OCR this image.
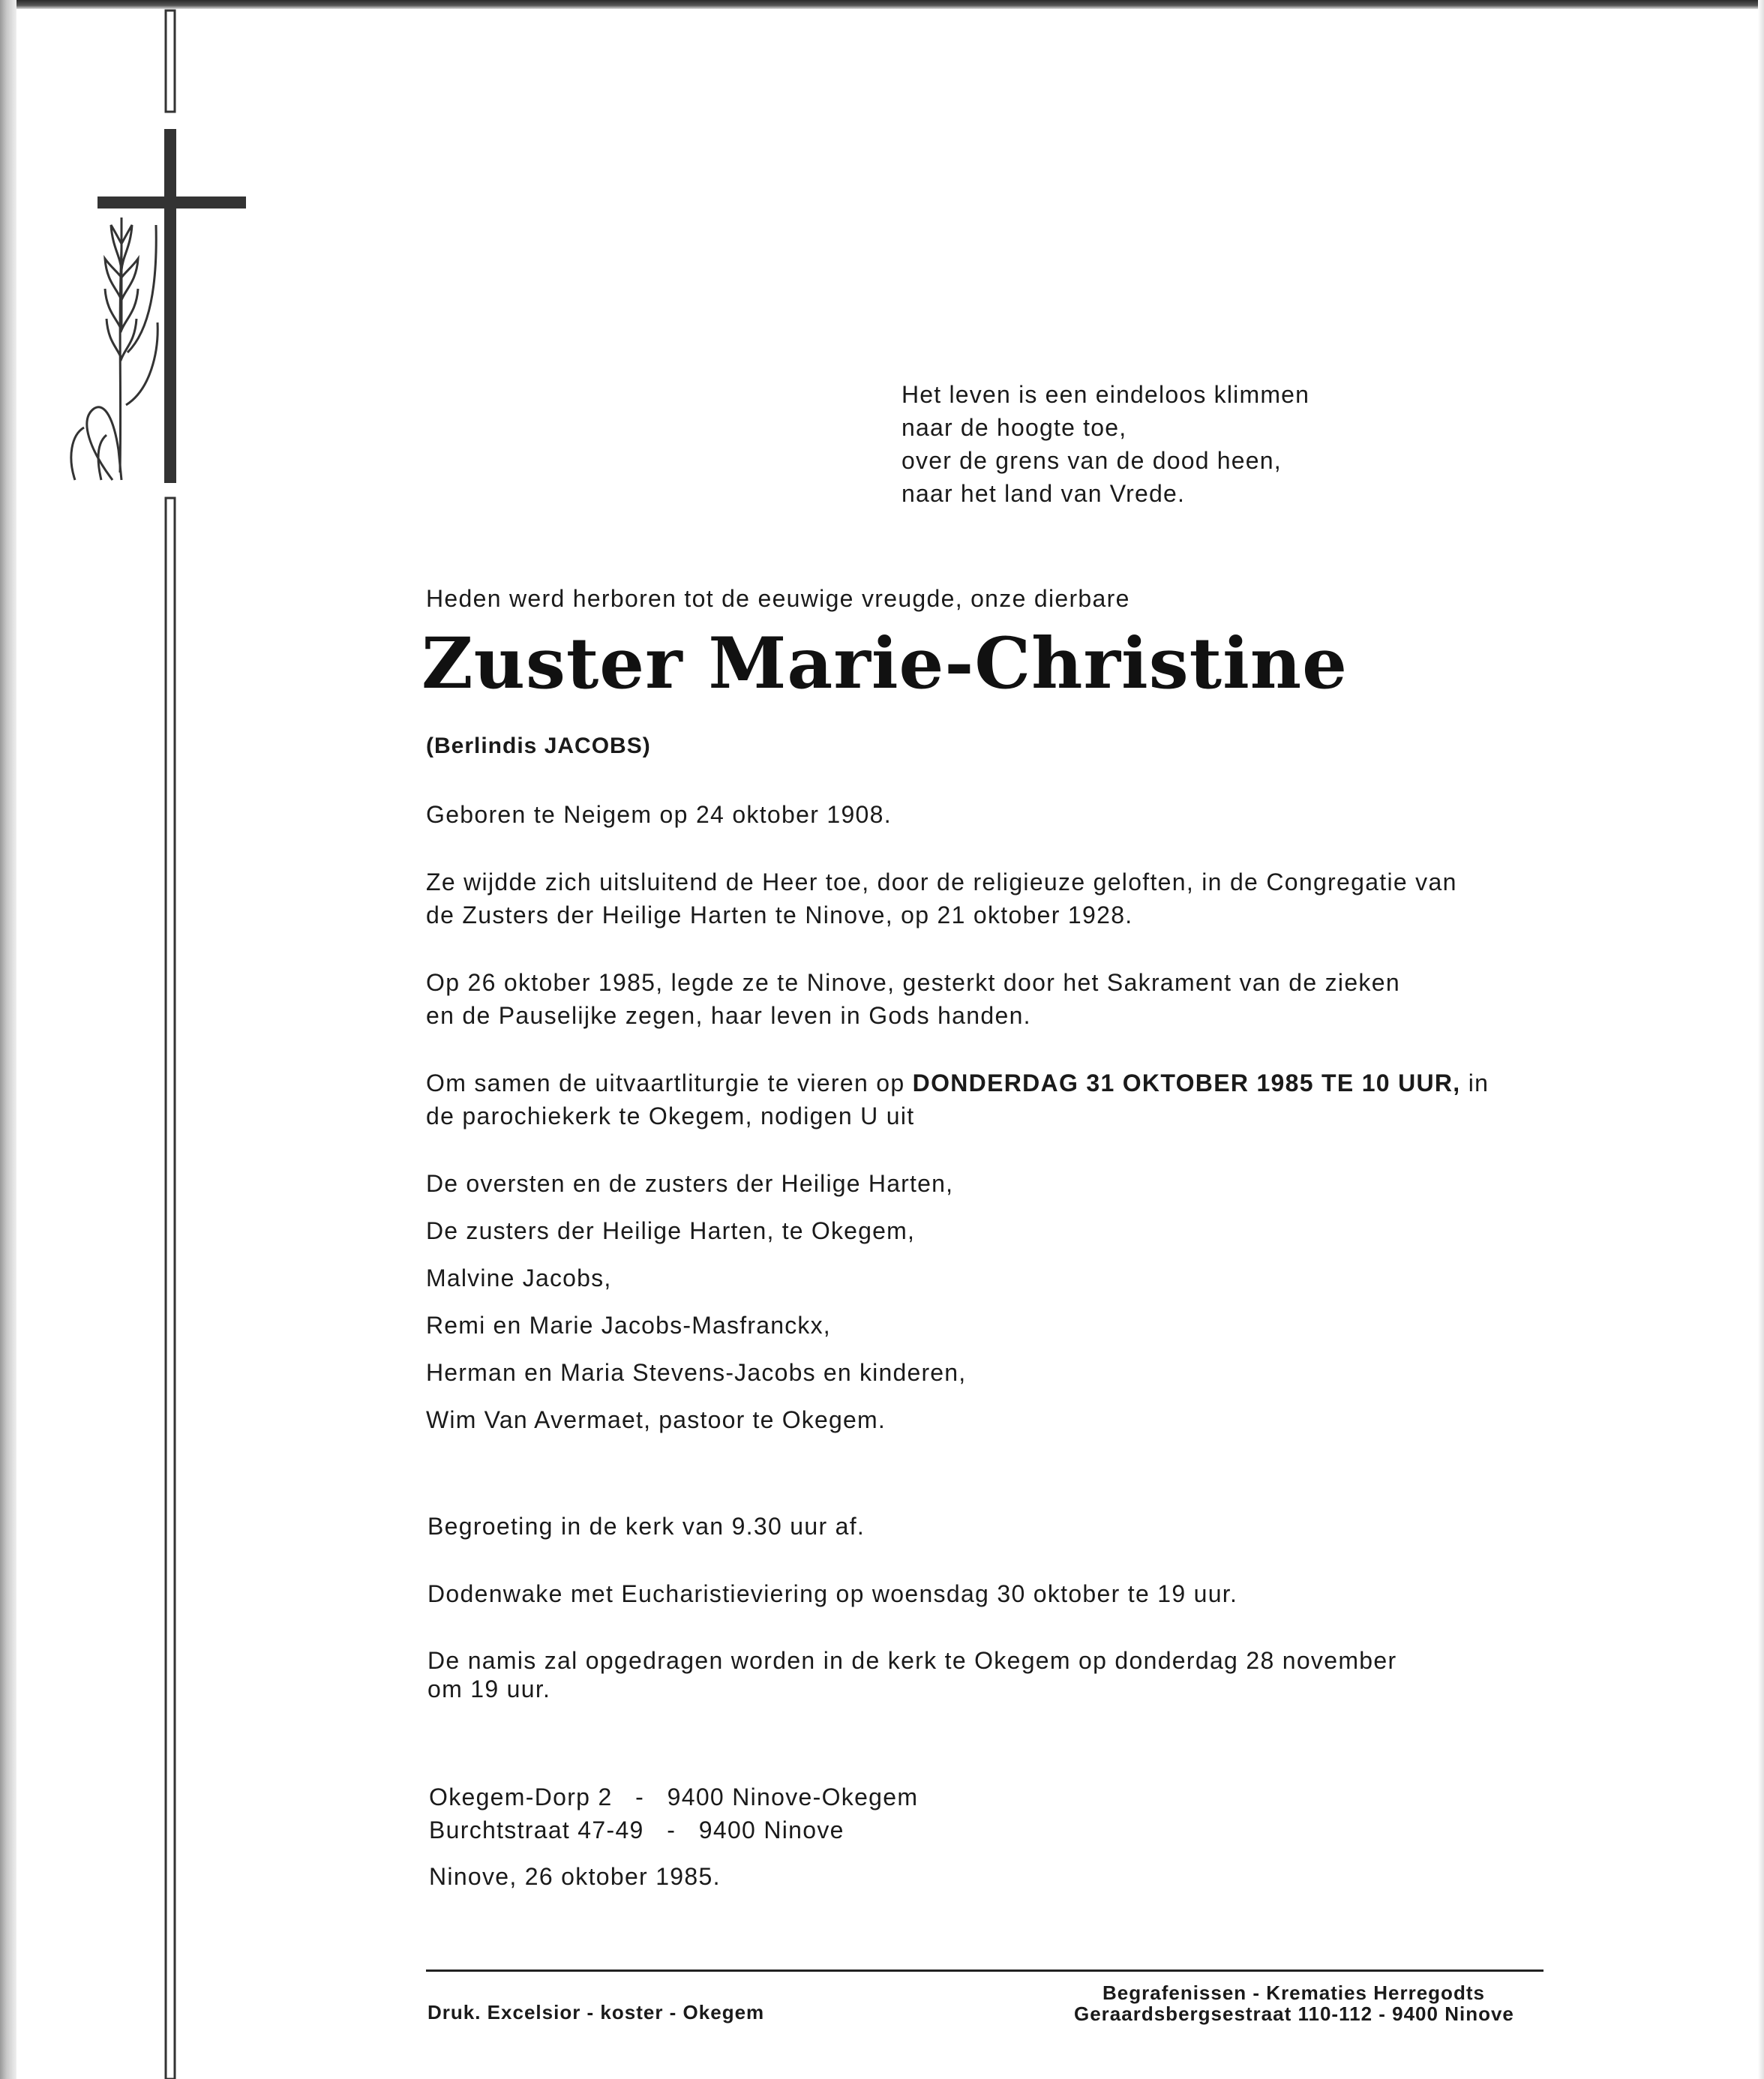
Het leven is een eindeloos klimmen
naar de hoogte toe,
over de grens van de dood heen,
naar het land van Vrede.
Heden werd herboren tot de eeuwige vreugde, onze dierbare
Zuster Marie-Christine
(Berlindis JACOBS)
Geboren te Neigem op 24 oktober 1908.
Ze wijdde zich uitsluitend de Heer toe, door de religieuze geloften, in de Congregatie van
de Zusters der Heilige Harten te Ninove, op 21 oktober 1928.
Op 26 oktober 1985, legde ze te Ninove, gesterkt door het Sakrament van de zieken
en de Pauselijke zegen, haar leven in Gods handen.
Om samen de uitvaartliturgie te vieren op DONDERDAG 31 OKTOBER 1985 TE 10 UUR, in
de parochiekerk te Okegem, nodigen U uit
De oversten en de zusters der Heilige Harten,
De zusters der Heilige Harten, te Okegem,
Malvine Jacobs,
Remi en Marie Jacobs-Masfranckx,
Herman en Maria Stevens-Jacobs en kinderen,
Wim Van Avermaet, pastoor te Okegem.
Begroeting in de kerk van 9.30 uur af.
Dodenwake met Eucharistieviering op woensdag 30 oktober te 19 uur.
De namis zal opgedragen worden in de kerk te Okegem op donderdag 28 november
om 19 uur.
Okegem-Dorp 2   -   9400 Ninove-Okegem
Burchtstraat 47-49   -   9400 Ninove
Ninove, 26 oktober 1985.
Druk. Excelsior - koster - Okegem
Begrafenissen - Krematies Herregodts
Geraardsbergsestraat 110-112 - 9400 Ninove
